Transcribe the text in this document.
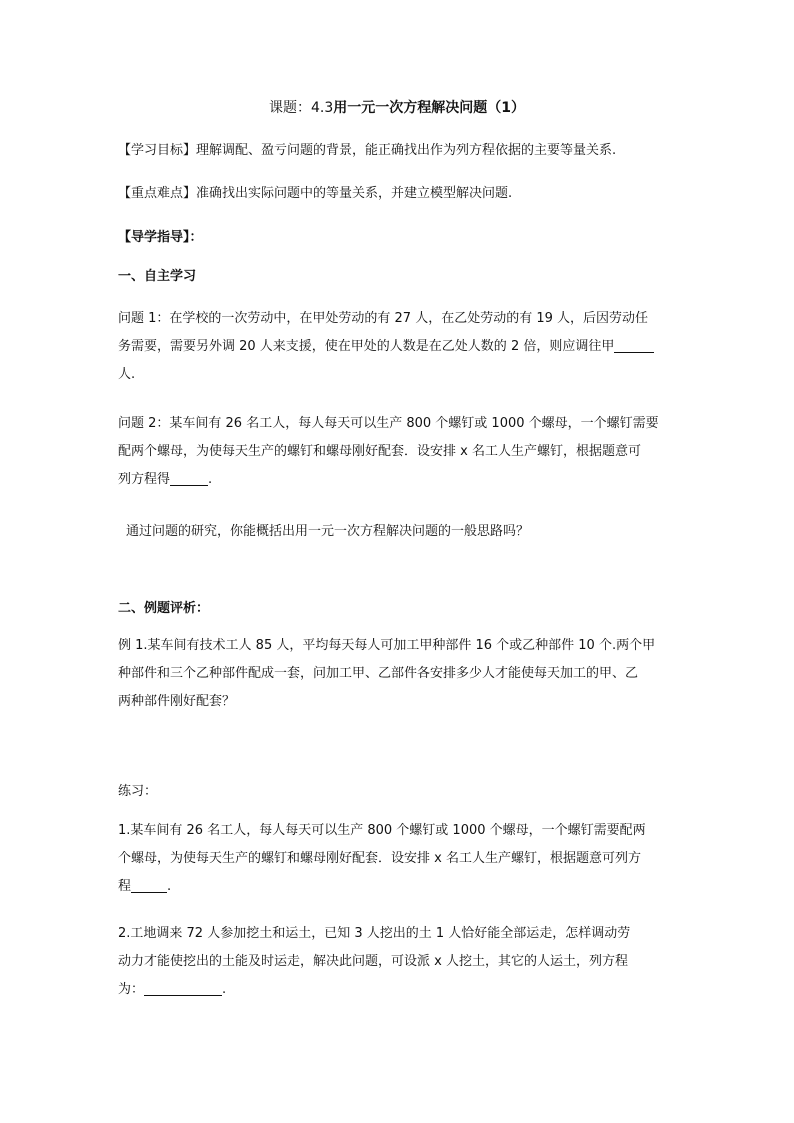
课题：4.3用一元一次方程解决问题（1）
【学习目标】理解调配、盈亏问题的背景，能正确找出作为列方程依据的主要等量关系.
【重点难点】准确找出实际问题中的等量关系，并建立模型解决问题.
【导学指导】：
一、自主学习

问题 1：在学校的一次劳动中，在甲处劳动的有 27 人，在乙处劳动的有 19 人，后因劳动任

务需要，需要另外调 20 人来支援，使在甲处的人数是在乙处人数的 2 倍，则应调往甲

人.

问题 2：某车间有 26 名工人，每人每天可以生产 800 个螺钉或 1000 个螺母，一个螺钉需要

配两个螺母，为使每天生产的螺钉和螺母刚好配套．设安排 x 名工人生产螺钉，根据题意可

列方程得	.

通过问题的研究，你能概括出用一元一次方程解决问题的一般思路吗？
二、例题评析：

例 1.某车间有技术工人 85 人，平均每天每人可加工甲种部件 16 个或乙种部件 10 个.两个甲

种部件和三个乙种部件配成一套，问加工甲、乙部件各安排多少人才能使每天加工的甲、乙

两种部件刚好配套？

练习：

1.某车间有 26 名工人，每人每天可以生产 800 个螺钉或 1000 个螺母，一个螺钉需要配两

个螺母，为使每天生产的螺钉和螺母刚好配套．设安排 x 名工人生产螺钉，根据题意可列方

程	.

2.工地调来 72 人参加挖土和运土，已知 3 人挖出的土 1 人恰好能全部运走，怎样调动劳

动力才能使挖出的土能及时运走，解决此问题，可设派 x 人挖土，其它的人运土，列方程

为：	.
